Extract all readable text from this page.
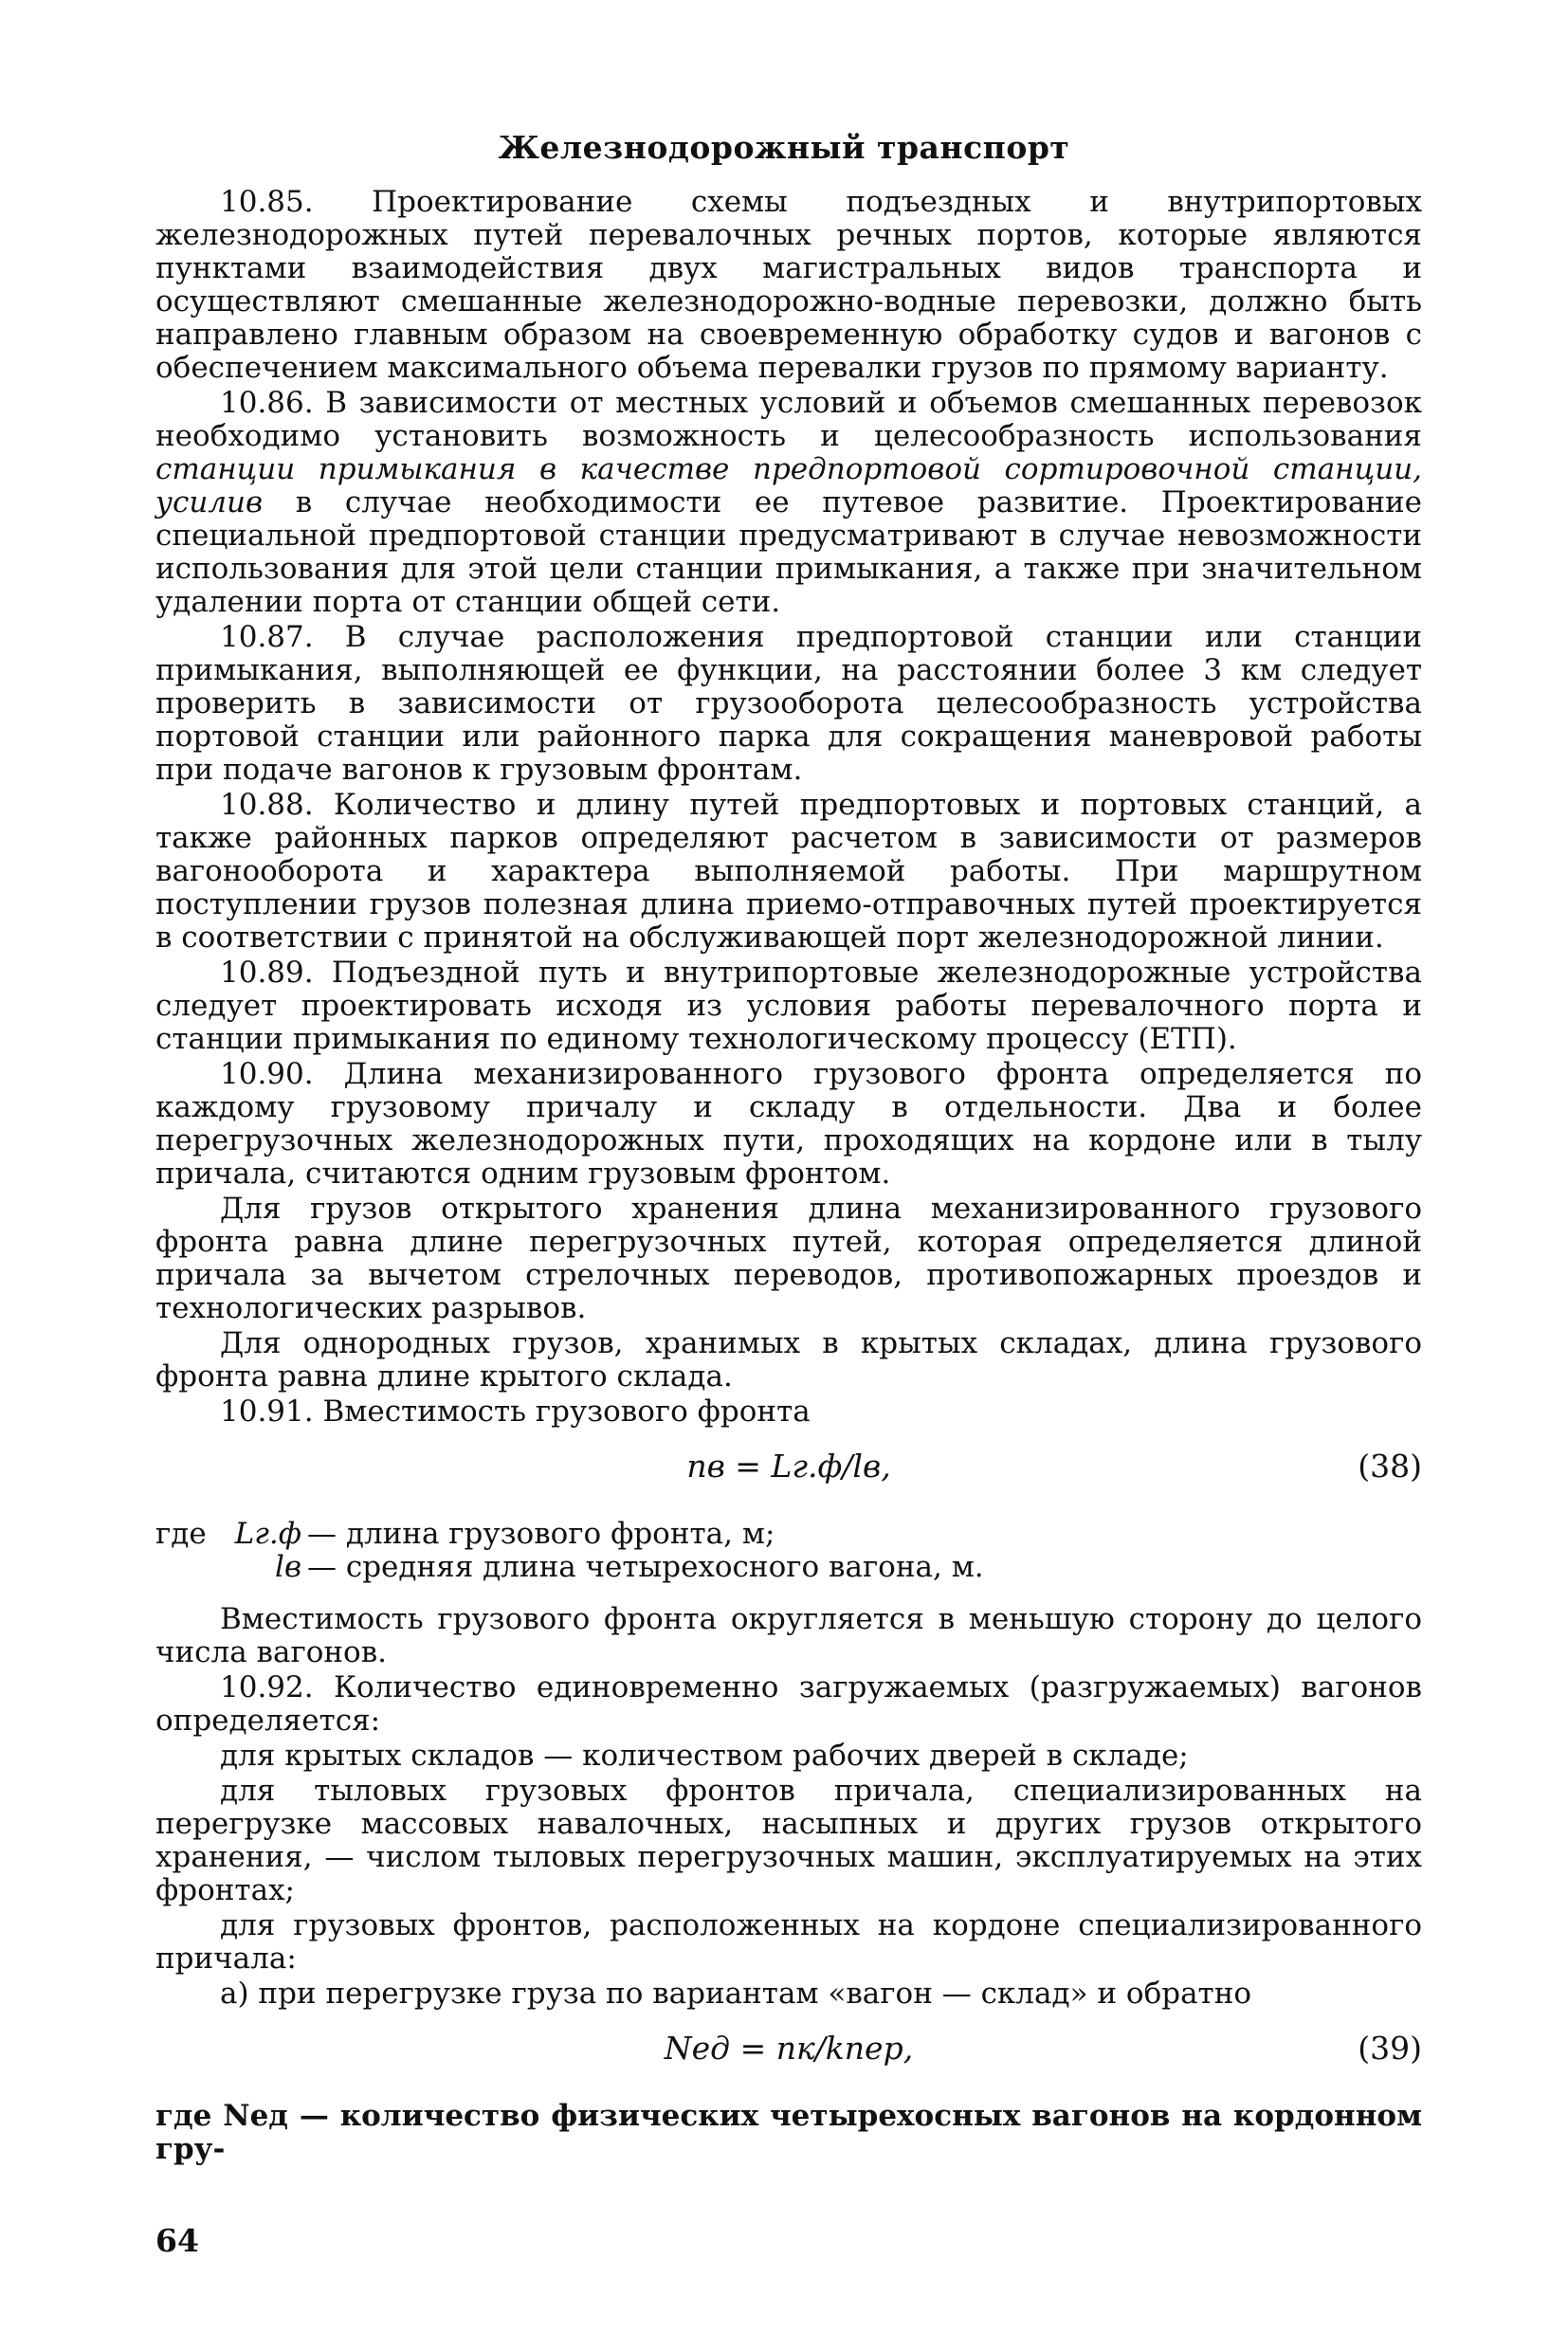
Железнодорожный транспорт

10.85. Проектирование схемы подъездных и внутрипортовых железнодорожных путей перевалочных речных портов, которые являются пунктами взаимодействия двух магистральных видов транспорта и осуществляют смешанные железнодорожно-водные перевозки, должно быть направлено главным образом на своевременную обработку судов и вагонов с обеспечением максимального объема перевалки грузов по прямому варианту.

10.86. В зависимости от местных условий и объемов смешанных перевозок необходимо установить возможность и целесообразность использования станции примыкания в качестве предпортовой сортировочной станции, усилив в случае необходимости ее путевое развитие. Проектирование специальной предпортовой станции предусматривают в случае невозможности использования для этой цели станции примыкания, а также при значительном удалении порта от станции общей сети.

10.87. В случае расположения предпортовой станции или станции примыкания, выполняющей ее функции, на расстоянии более 3 км следует проверить в зависимости от грузооборота целесообразность устройства портовой станции или районного парка для сокращения маневровой работы при подаче вагонов к грузовым фронтам.

10.88. Количество и длину путей предпортовых и портовых станций, а также районных парков определяют расчетом в зависимости от размеров вагонооборота и характера выполняемой работы. При маршрутном поступлении грузов полезная длина приемо-отправочных путей проектируется в соответствии с принятой на обслуживающей порт железнодорожной линии.

10.89. Подъездной путь и внутрипортовые железнодорожные устройства следует проектировать исходя из условия работы перевалочного порта и станции примыкания по единому технологическому процессу (ЕТП).

10.90. Длина механизированного грузового фронта определяется по каждому грузовому причалу и складу в отдельности. Два и более перегрузочных железнодорожных пути, проходящих на кордоне или в тылу причала, считаются одним грузовым фронтом.

Для грузов открытого хранения длина механизированного грузового фронта равна длине перегрузочных путей, которая определяется длиной причала за вычетом стрелочных переводов, противопожарных проездов и технологических разрывов.

Для однородных грузов, хранимых в крытых складах, длина грузового фронта равна длине крытого склада.

10.91. Вместимость грузового фронта

nв = Lг.ф/lв,	(38)
где Lг.ф — длина грузового фронта, м;
lв — средняя длина четырехосного вагона, м.

Вместимость грузового фронта округляется в меньшую сторону до целого числа вагонов.

10.92. Количество единовременно загружаемых (разгружаемых) вагонов определяется:

для крытых складов — количеством рабочих дверей в складе;

для тыловых грузовых фронтов причала, специализированных на перегрузке массовых навалочных, насыпных и других грузов открытого хранения, — числом тыловых перегрузочных машин, эксплуатируемых на этих фронтах;

для грузовых фронтов, расположенных на кордоне специализированного причала:

а) при перегрузке груза по вариантам «вагон — склад» и обратно

Nед = nк/kпер,	(39)

где Nед — количество физических четырехосных вагонов на кордонном гру-

64
